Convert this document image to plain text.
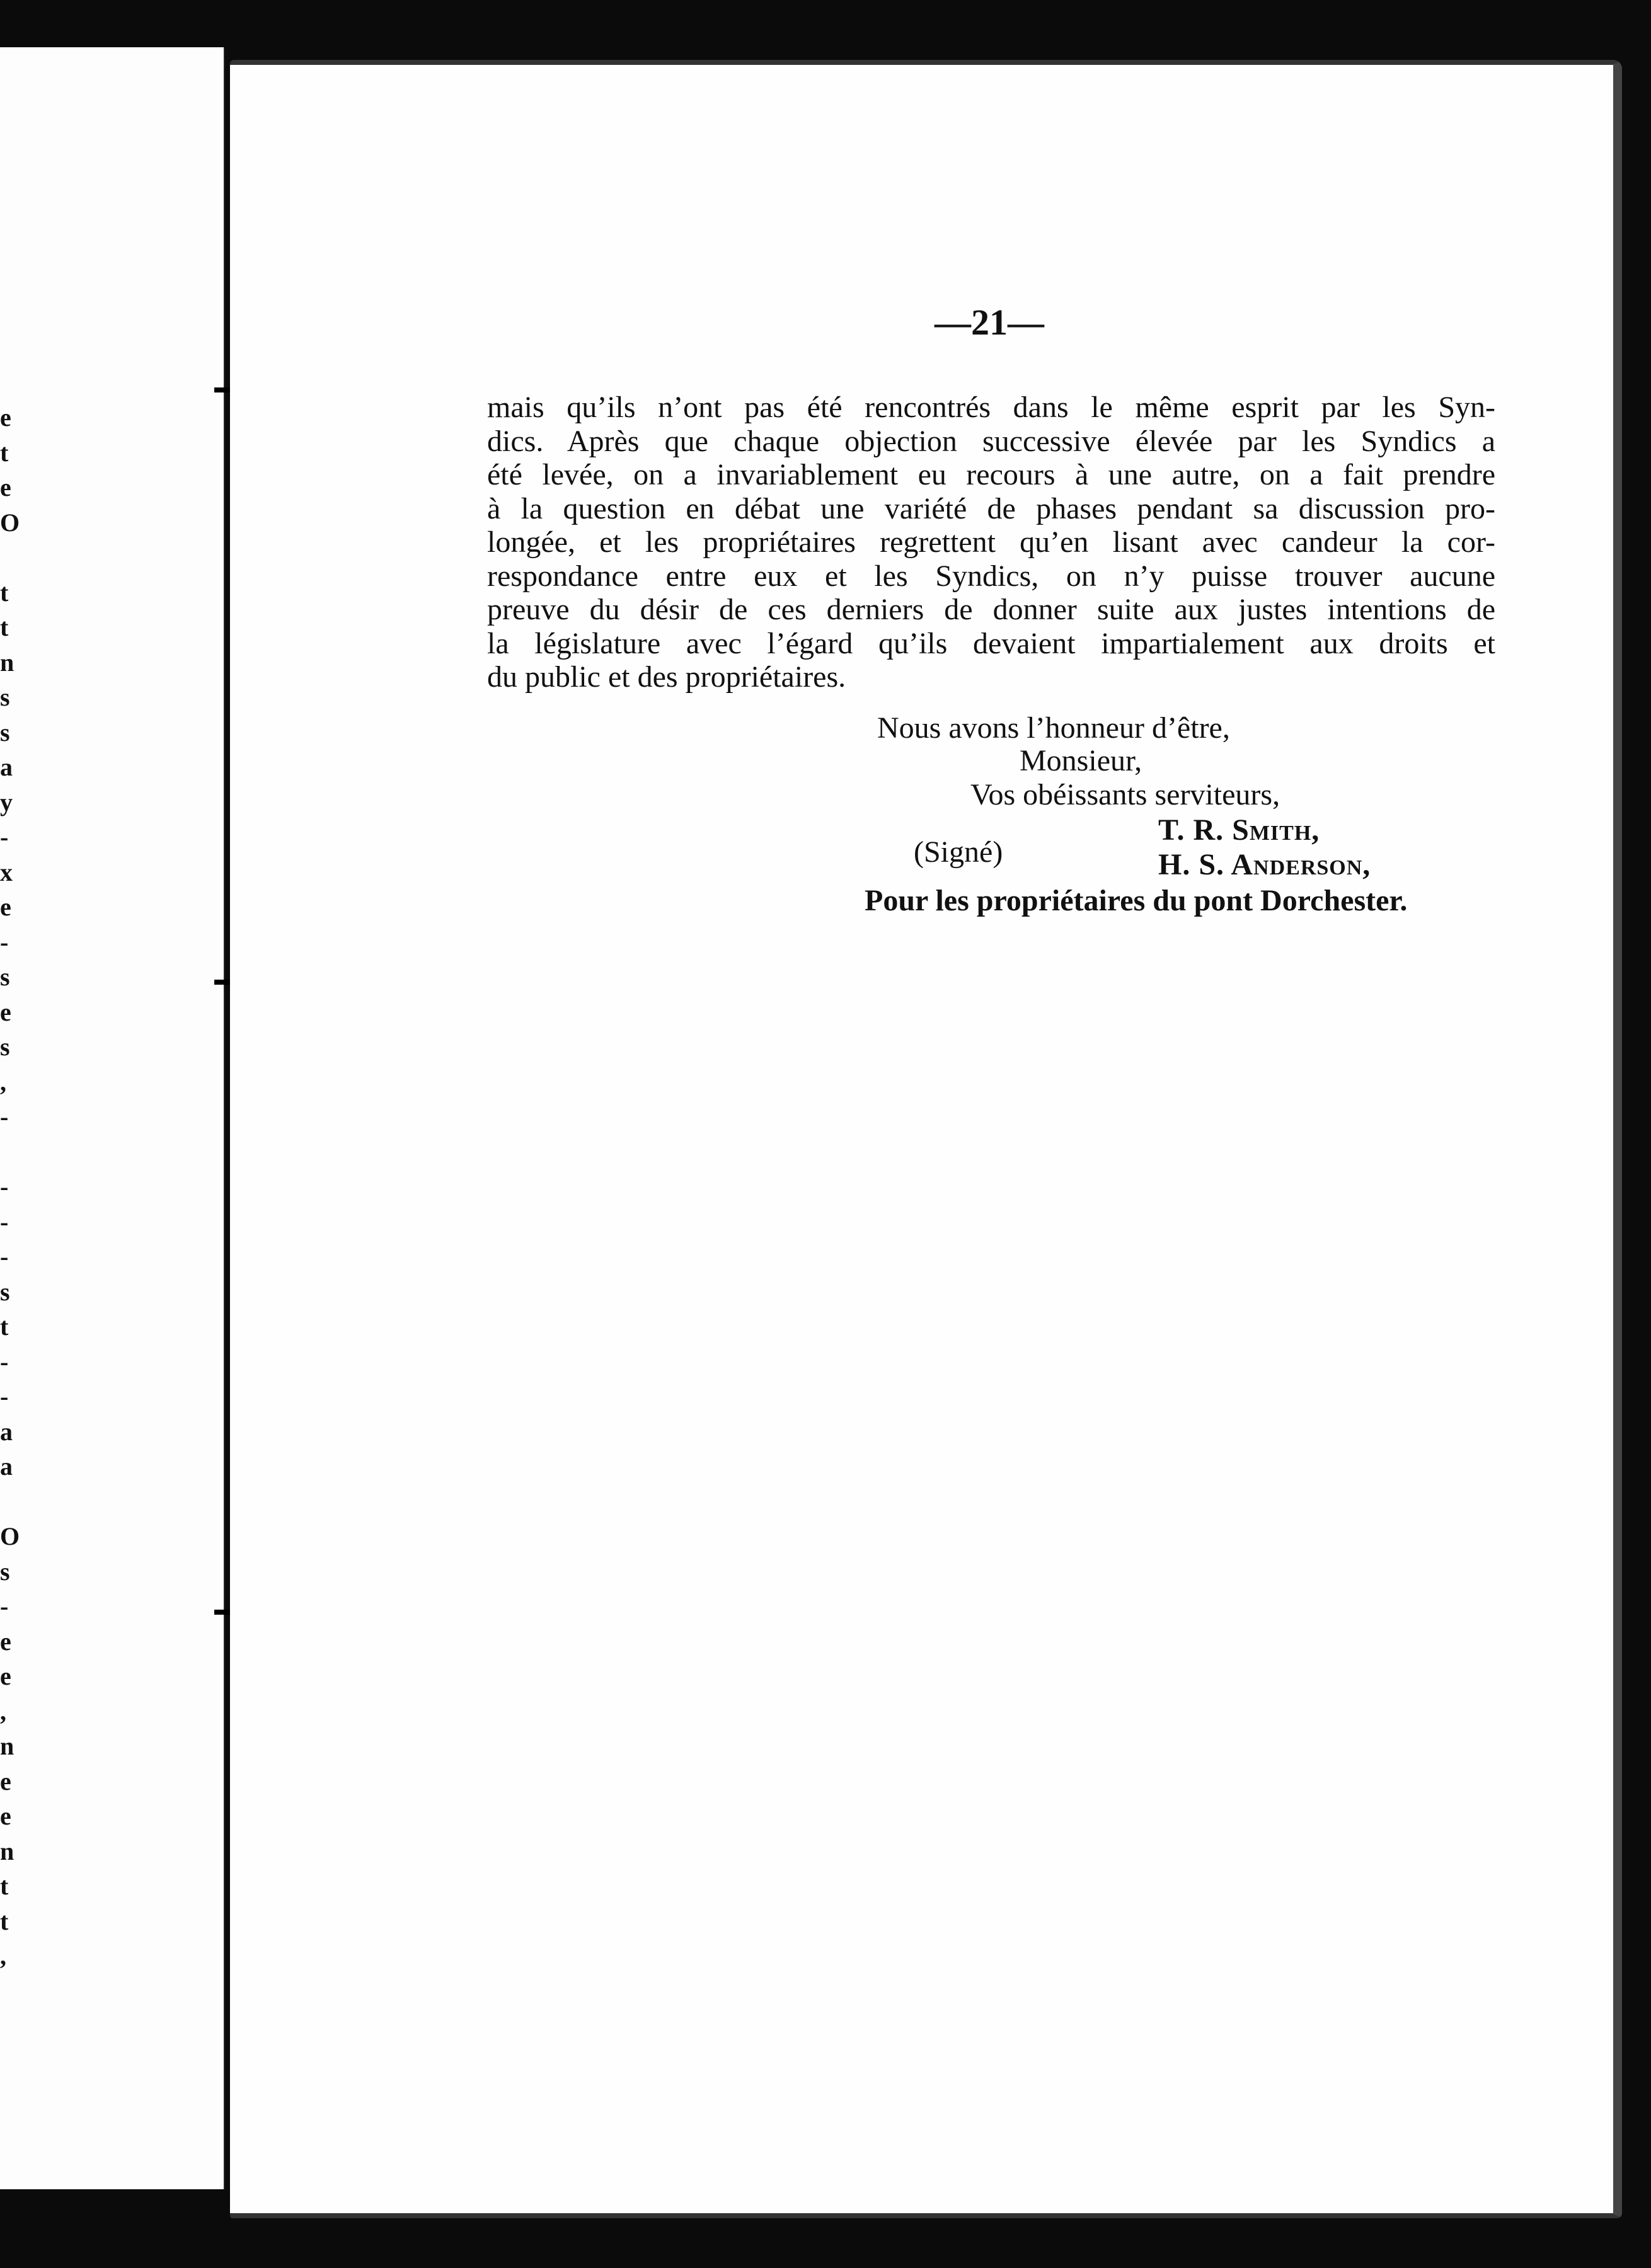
e
t
e
O

t
t
n
s
s
a
y
-
x
e
-
s
e
s
,
-

-
-
-
s
t
-
-
a
a

O
s
-
e
e
,
n
e
e
n
t
t
,
—21—
mais qu’ils n’ont pas été rencontrés dans le même esprit par les Syn-
dics. Après que chaque objection successive élevée par les Syndics a
été levée, on a invariablement eu recours à une autre, on a fait prendre
à la question en débat une variété de phases pendant sa discussion pro-
longée, et les propriétaires regrettent qu’en lisant avec candeur la cor-
respondance entre eux et les Syndics, on n’y puisse trouver aucune
preuve du désir de ces derniers de donner suite aux justes intentions de
la législature avec l’égard qu’ils devaient impartialement aux droits et
du public et des propriétaires.
Nous avons l’honneur d’être,
Monsieur,
Vos obéissants serviteurs,
(Signé)
T. R. Smith,
H. S. Anderson,
Pour les propriétaires du pont Dorchester.
